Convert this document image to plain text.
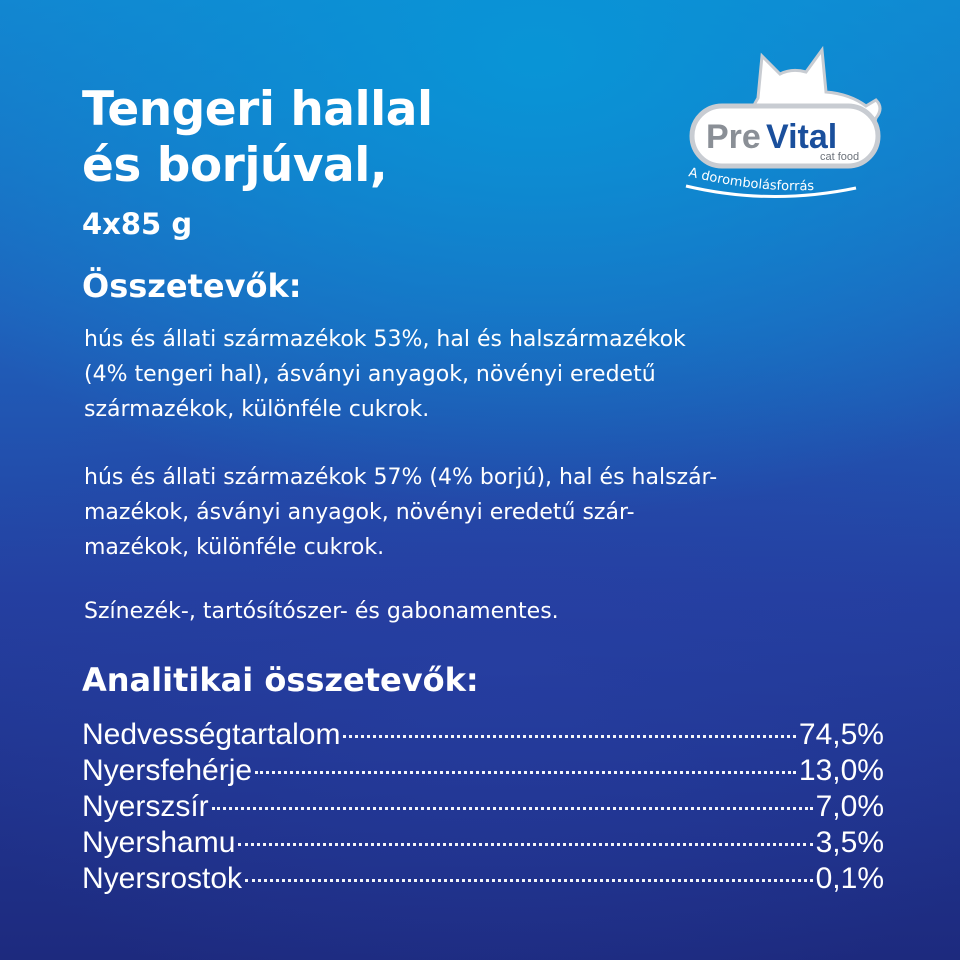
Tengeri hallal
és borjúval,
4x85 g
Pre Vital
cat food
A dorombolásforrás
Összetevők:

hús és állati származékok 53%, hal és halszármazékok
(4% tengeri hal), ásványi anyagok, növényi eredetű
származékok, különféle cukrok.

hús és állati származékok 57% (4% borjú), hal és halszár-
mazékok, ásványi anyagok, növényi eredetű szár-
mazékok, különféle cukrok.

Színezék-, tartósítószer- és gabonamentes.

Analitikai összetevők:
Nedvességtartalom	74,5%
Nyersfehérje	13,0%
Nyerszsír	7,0%
Nyershamu	3,5%
Nyersrostok	0,1%
